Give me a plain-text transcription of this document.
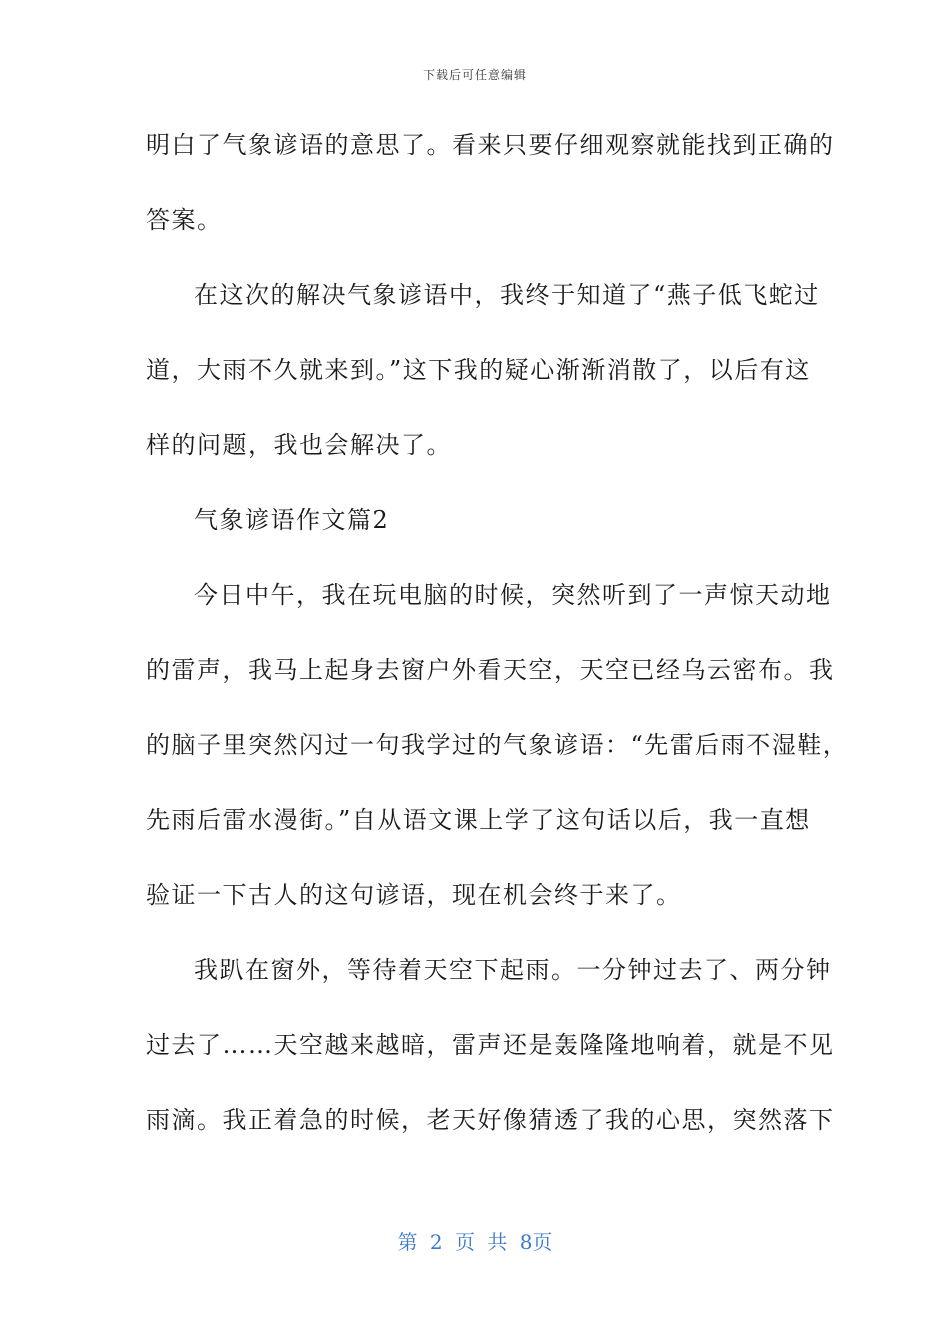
下载后可任意编辑
明白了气象谚语的意思了。看来只要仔细观察就能找到正确的
答案。
在这次的解决气象谚语中，我终于知道了“燕子低飞蛇过
道，大雨不久就来到。”这下我的疑心渐渐消散了，以后有这
样的问题，我也会解决了。
气象谚语作文篇2
今日中午，我在玩电脑的时候，突然听到了一声惊天动地
的雷声，我马上起身去窗户外看天空，天空已经乌云密布。我
的脑子里突然闪过一句我学过的气象谚语：“先雷后雨不湿鞋，
先雨后雷水漫街。”自从语文课上学了这句话以后，我一直想
验证一下古人的这句谚语，现在机会终于来了。
我趴在窗外，等待着天空下起雨。一分钟过去了、两分钟
过去了……天空越来越暗，雷声还是轰隆隆地响着，就是不见
雨滴。我正着急的时候，老天好像猜透了我的心思，突然落下
第 2 页 共 8页
